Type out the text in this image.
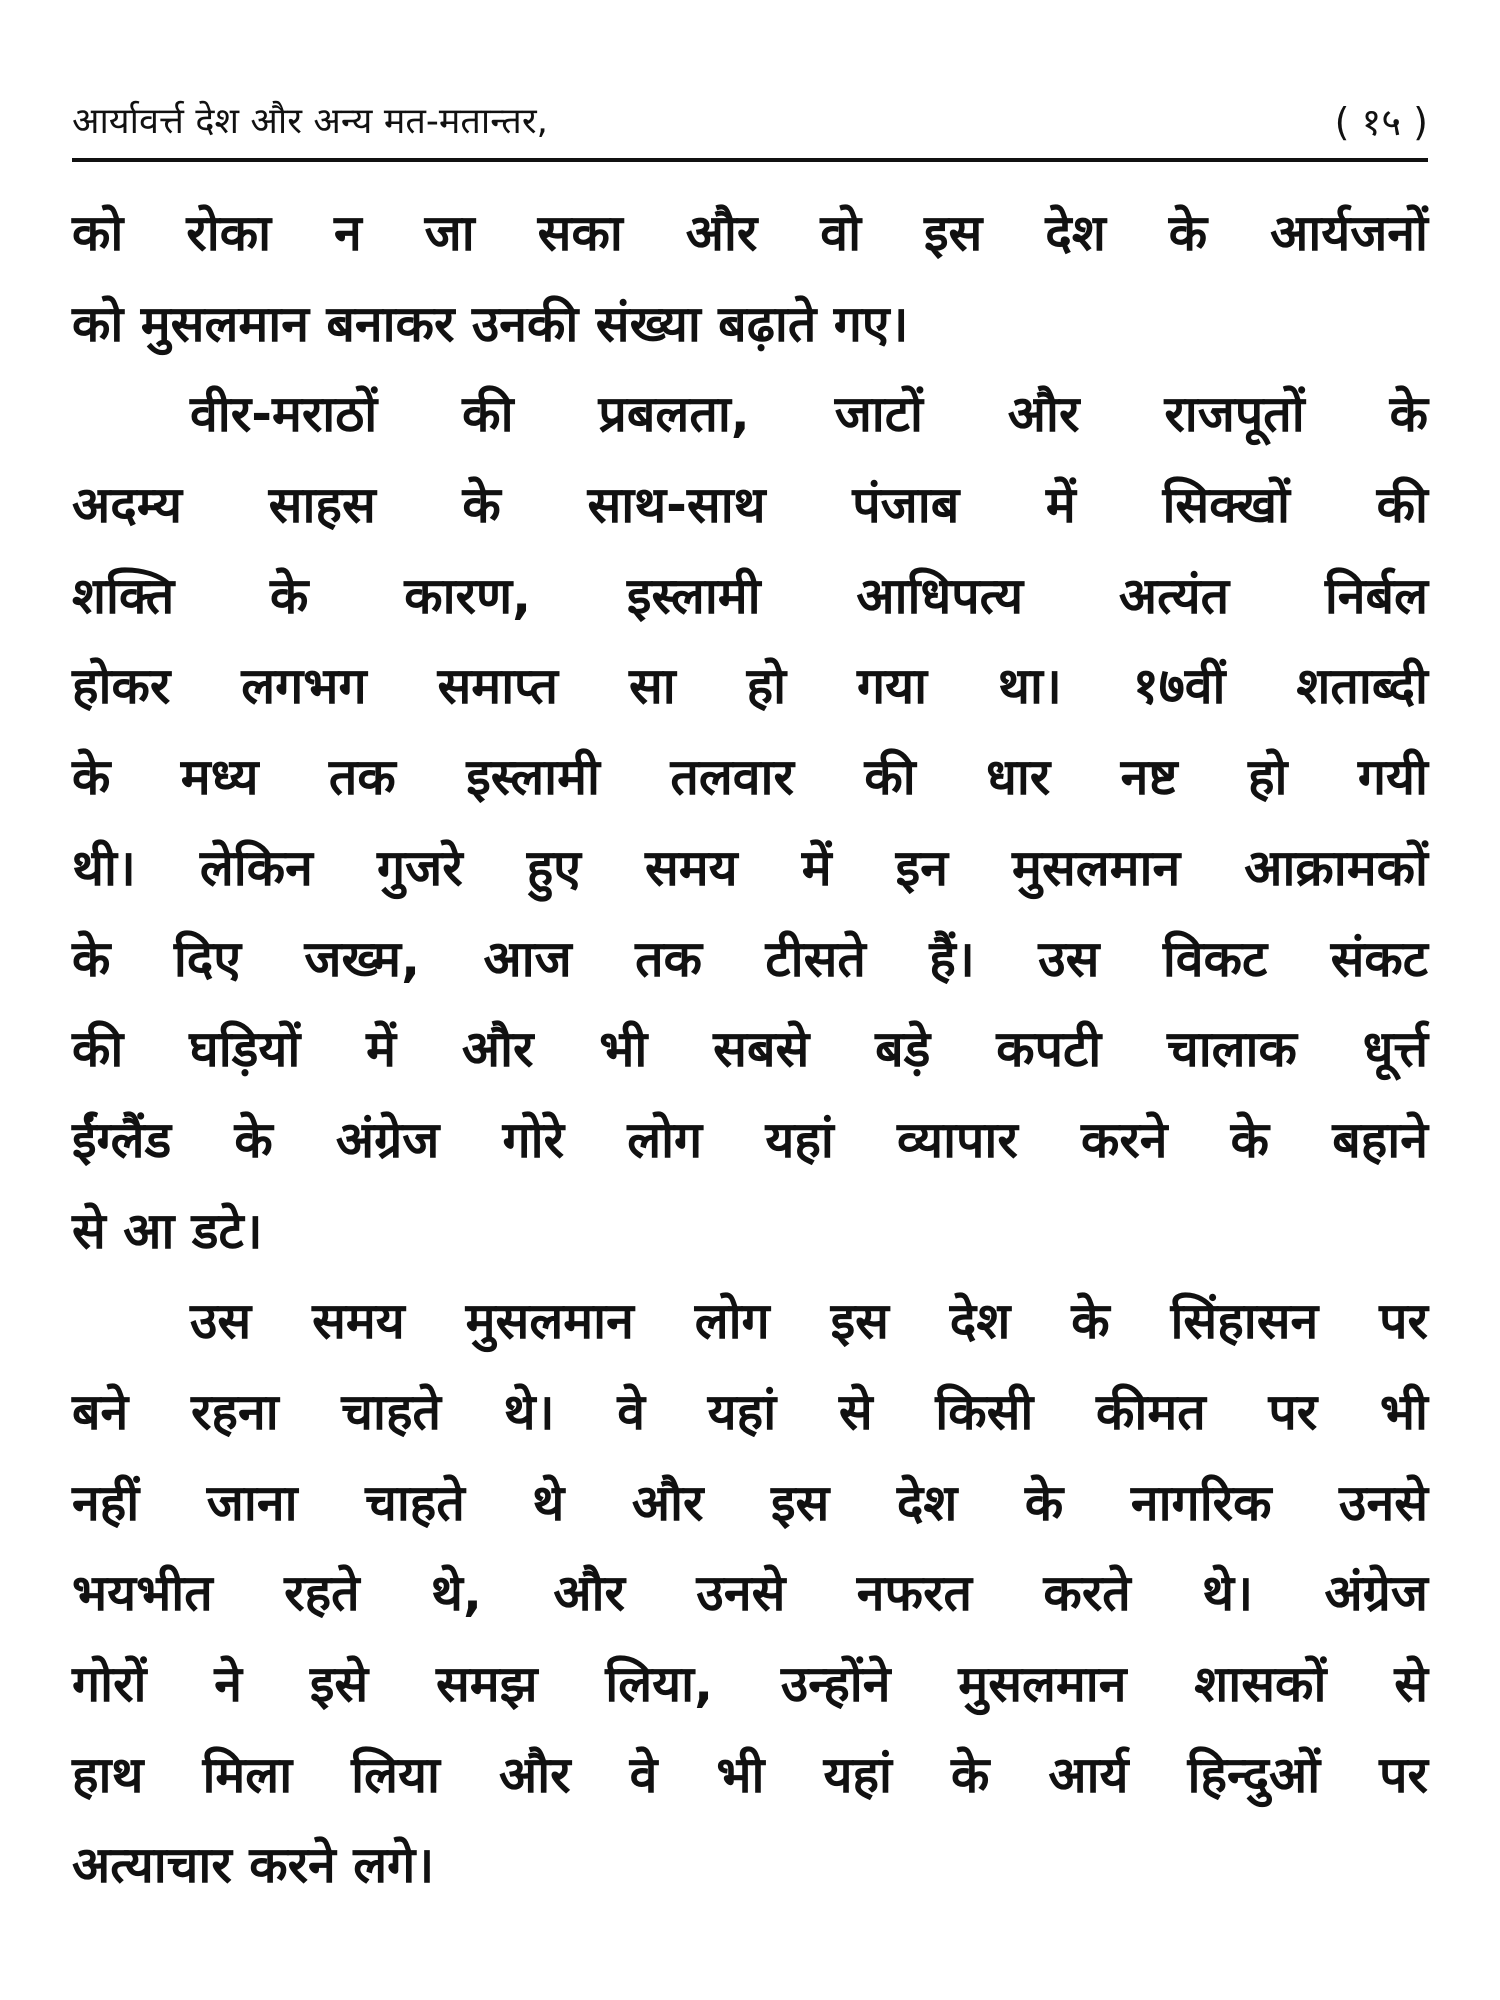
आर्यावर्त्त देश और अन्य मत-मतान्तर,	( १५ )
को रोका न जा सका और वो इस देश के आर्यजनों
को मुसलमान बनाकर उनकी संख्या बढ़ाते गए।
वीर-मराठों की प्रबलता, जाटों और राजपूतों के
अदम्य साहस के साथ-साथ पंजाब में सिक्खों की
शक्ति के कारण, इस्लामी आधिपत्य अत्यंत निर्बल
होकर लगभग समाप्त सा हो गया था। १७वीं शताब्दी
के मध्य तक इस्लामी तलवार की धार नष्ट हो गयी
थी। लेकिन गुजरे हुए समय में इन मुसलमान आक्रामकों
के दिए जख्म, आज तक टीसते हैं। उस विकट संकट
की घड़ियों में और भी सबसे बड़े कपटी चालाक धूर्त्त
ईंग्लैंड के अंग्रेज गोरे लोग यहां व्यापार करने के बहाने
से आ डटे।
उस समय मुसलमान लोग इस देश के सिंहासन पर
बने रहना चाहते थे। वे यहां से किसी कीमत पर भी
नहीं जाना चाहते थे और इस देश के नागरिक उनसे
भयभीत रहते थे, और उनसे नफरत करते थे। अंग्रेज
गोरों ने इसे समझ लिया, उन्होंने मुसलमान शासकों से
हाथ मिला लिया और वे भी यहां के आर्य हिन्दुओं पर
अत्याचार करने लगे।
